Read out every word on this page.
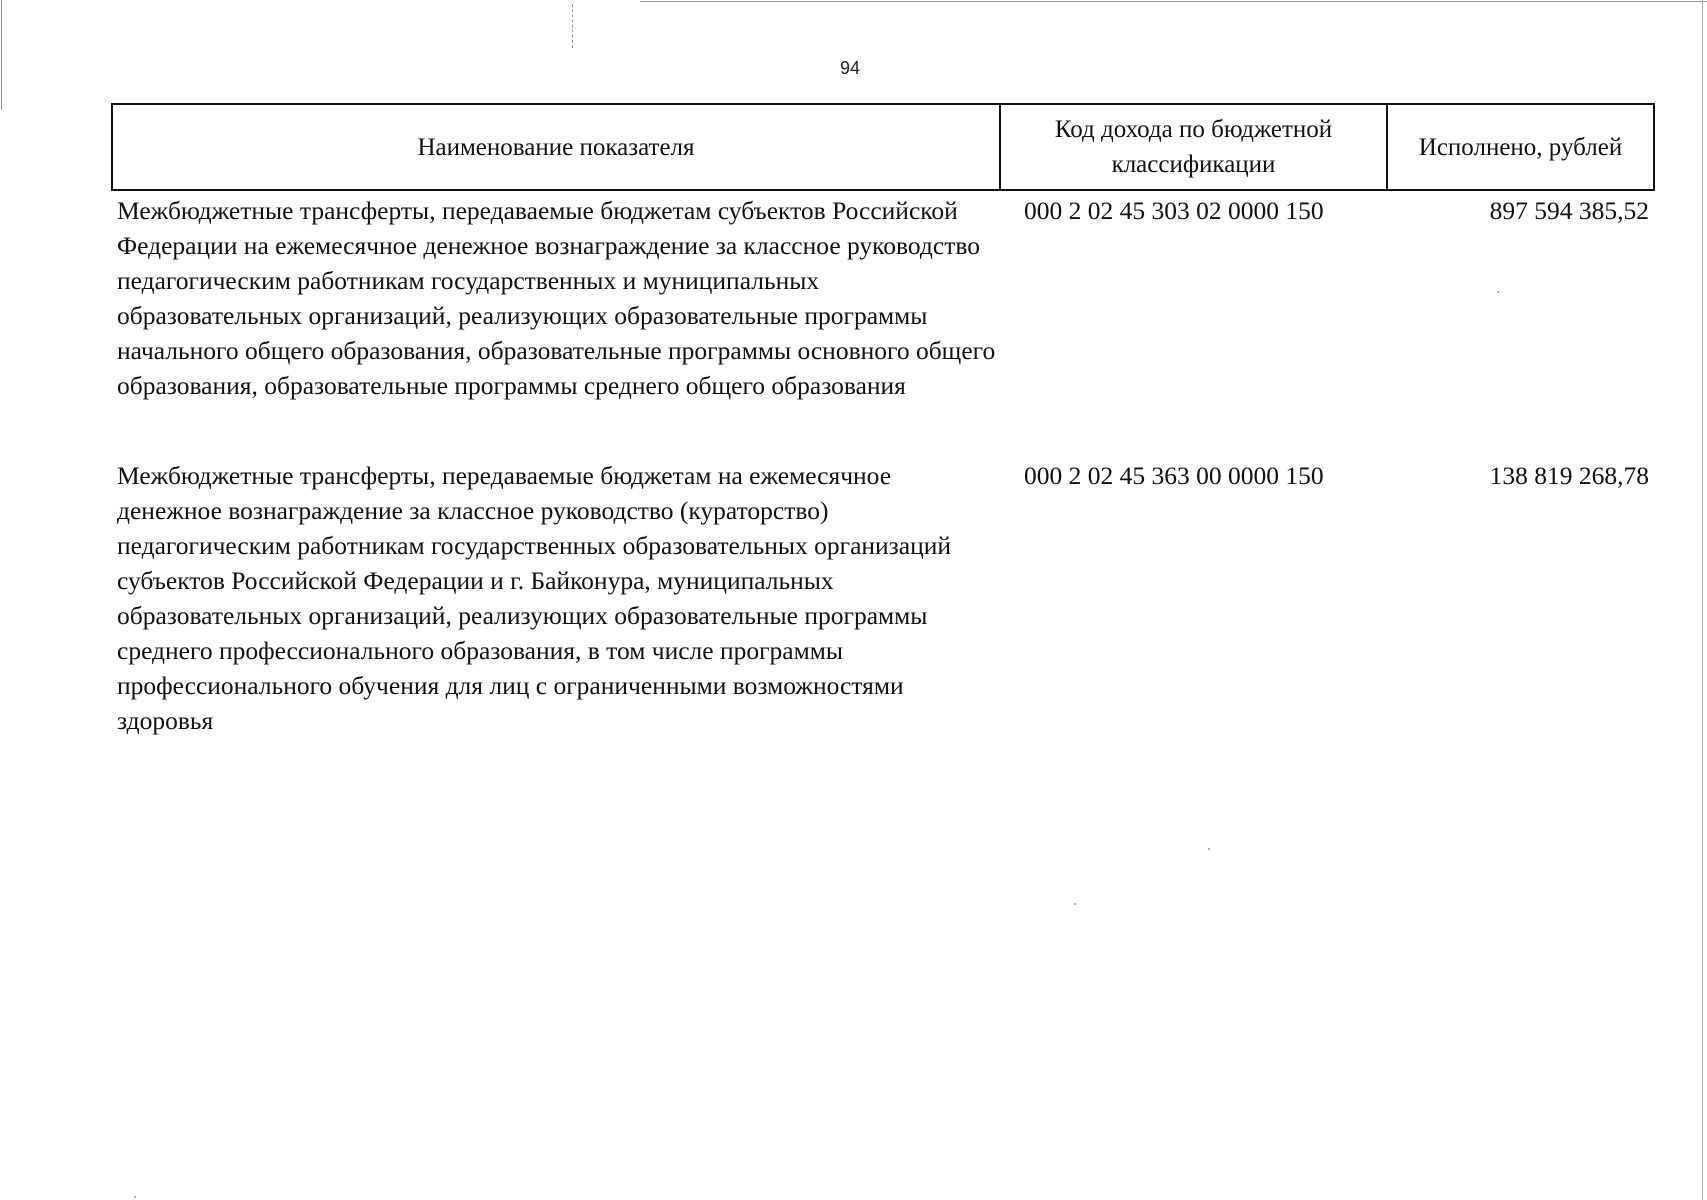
94
Наименование показателя	Код дохода по бюджетной классификации	Исполнено, рублей
Межбюджетные трансферты, передаваемые бюджетам субъектов Российской Федерации на ежемесячное денежное вознаграждение за классное руководство педагогическим работникам государственных и муниципальных образовательных организаций, реализующих образовательные программы начального общего образования, образовательные программы основного общего образования, образовательные программы среднего общего образования	000 2 02 45 303 02 0000 150	897 594 385,52
Межбюджетные трансферты, передаваемые бюджетам на ежемесячное денежное вознаграждение за классное руководство (кураторство) педагогическим работникам государственных образовательных организаций субъектов Российской Федерации и г. Байконура, муниципальных образовательных организаций, реализующих образовательные программы среднего профессионального образования, в том числе программы профессионального обучения для лиц с ограниченными возможностями здоровья	000 2 02 45 363 00 0000 150	138 819 268,78
